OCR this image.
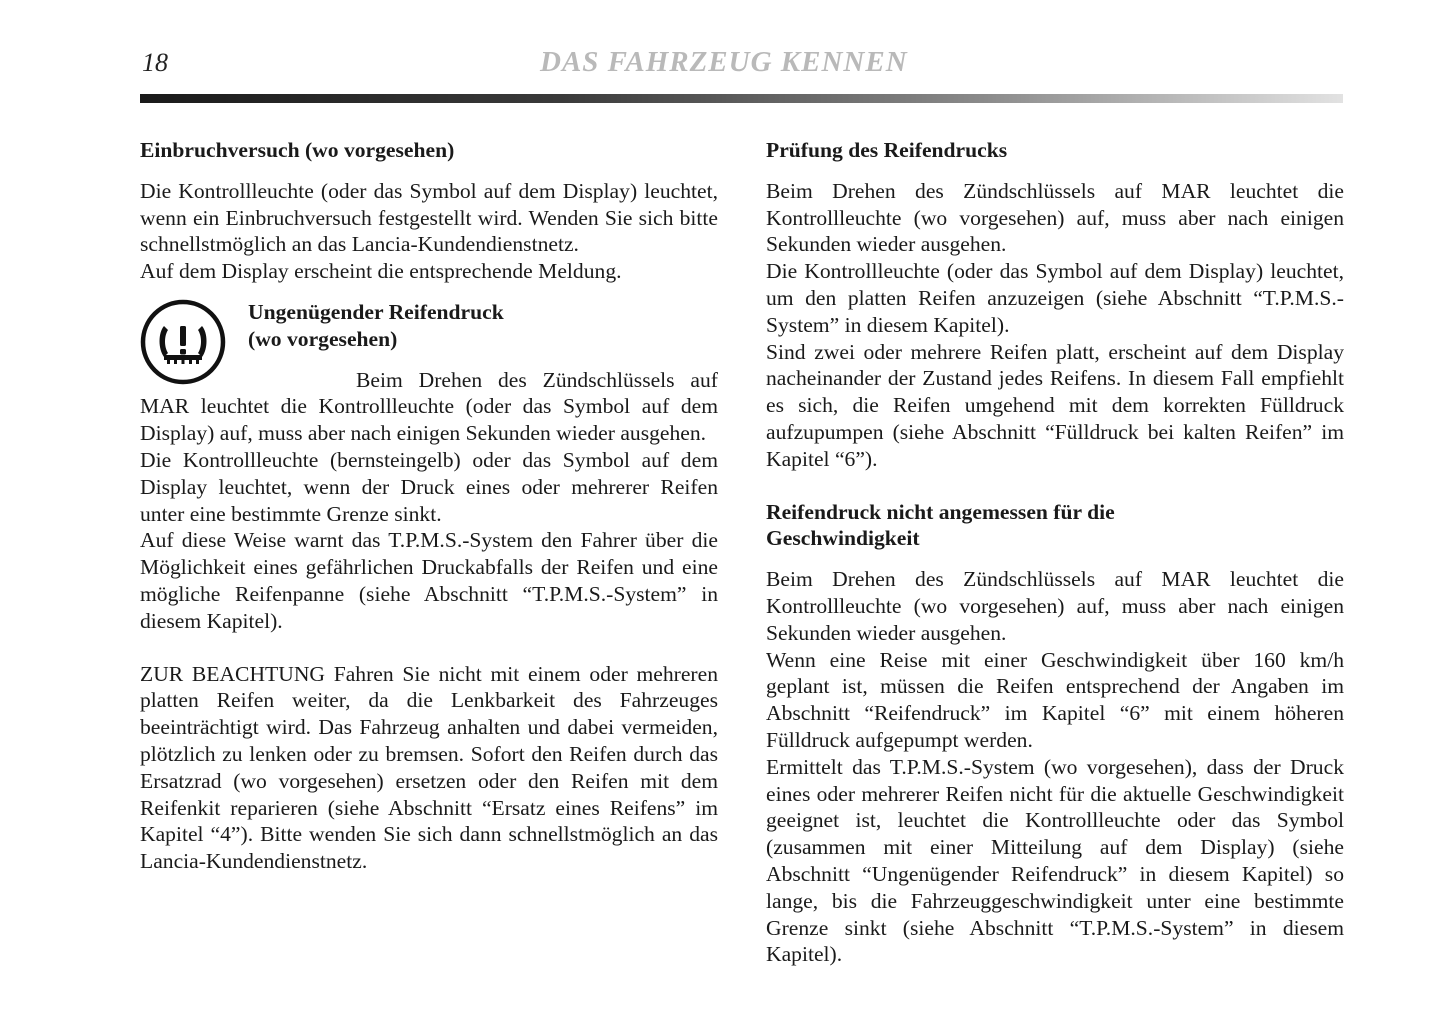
18	DAS FAHRZEUG KENNEN
Einbruchversuch (wo vorgesehen)

Die Kontrollleuchte (oder das Symbol auf dem Display) leuchtet, wenn ein Einbruchversuch festgestellt wird. Wenden Sie sich bitte schnellstmöglich an das Lancia-Kundendienstnetz.

Auf dem Display erscheint die entsprechende Meldung.

Ungenügender Reifendruck
(wo vorgesehen)

Beim Drehen des Zündschlüssels auf MAR leuchtet die Kontrollleuchte (oder das Symbol auf dem Display) auf, muss aber nach einigen Sekunden wieder ausgehen.

Die Kontrollleuchte (bernsteingelb) oder das Symbol auf dem Display leuchtet, wenn der Druck eines oder mehrerer Reifen unter eine bestimmte Grenze sinkt.

Auf diese Weise warnt das T.P.M.S.-System den Fahrer über die Möglichkeit eines gefährlichen Druckabfalls der Reifen und eine mögliche Reifenpanne (siehe Abschnitt “T.P.M.S.-System” in diesem Kapitel).

ZUR BEACHTUNG Fahren Sie nicht mit einem oder mehreren platten Reifen weiter, da die Lenkbarkeit des Fahrzeuges beeinträchtigt wird. Das Fahrzeug anhalten und dabei vermeiden, plötzlich zu lenken oder zu bremsen. Sofort den Reifen durch das Ersatzrad (wo vorgesehen) ersetzen oder den Reifen mit dem Reifenkit reparieren (siehe Abschnitt “Ersatz eines Reifens” im Kapitel “4”). Bitte wenden Sie sich dann schnellstmöglich an das Lancia-Kundendienstnetz.

Prüfung des Reifendrucks

Beim Drehen des Zündschlüssels auf MAR leuchtet die Kontrollleuchte (wo vorgesehen) auf, muss aber nach einigen Sekunden wieder ausgehen.

Die Kontrollleuchte (oder das Symbol auf dem Display) leuchtet, um den platten Reifen anzuzeigen (siehe Abschnitt “T.P.M.S.-System” in diesem Kapitel).

Sind zwei oder mehrere Reifen platt, erscheint auf dem Display nacheinander der Zustand jedes Reifens. In diesem Fall empfiehlt es sich, die Reifen umgehend mit dem korrekten Fülldruck aufzupumpen (siehe Abschnitt “Fülldruck bei kalten Reifen” im Kapitel “6”).

Reifendruck nicht angemessen für die
Geschwindigkeit

Beim Drehen des Zündschlüssels auf MAR leuchtet die Kontrollleuchte (wo vorgesehen) auf, muss aber nach einigen Sekunden wieder ausgehen.

Wenn eine Reise mit einer Geschwindigkeit über 160 km/h geplant ist, müssen die Reifen entsprechend der Angaben im Abschnitt “Reifendruck” im Kapitel “6” mit einem höheren Fülldruck aufgepumpt werden.

Ermittelt das T.P.M.S.-System (wo vorgesehen), dass der Druck eines oder mehrerer Reifen nicht für die aktuelle Geschwindigkeit geeignet ist, leuchtet die Kontrollleuchte oder das Symbol (zusammen mit einer Mitteilung auf dem Display) (siehe Abschnitt “Ungenügender Reifendruck” in diesem Kapitel) so lange, bis die Fahrzeuggeschwindigkeit unter eine bestimmte Grenze sinkt (siehe Abschnitt “T.P.M.S.-System” in diesem Kapitel).
